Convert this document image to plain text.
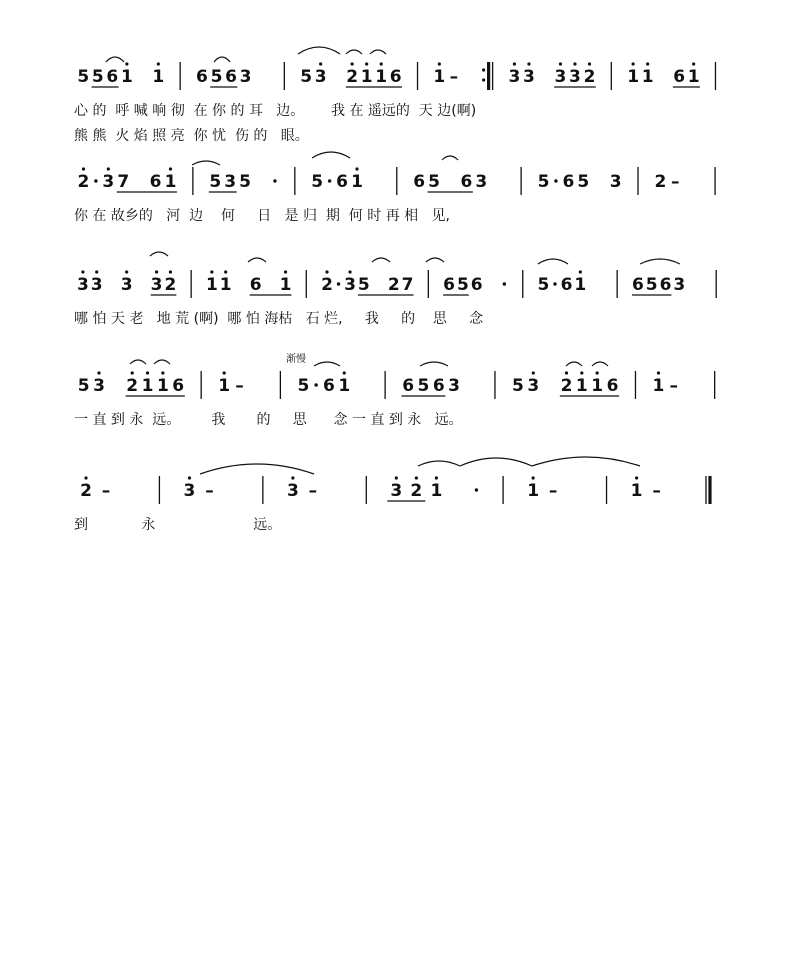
5 5 6 1 1 6 5 6 3	5 3 2 1 1 6 1 –	3 3 3 3 2 1 1 6 1
心 的  呼 喊 响 彻  在 你 的 耳   边。      我 在 遥远的  天 边(啊)
熊 熊  火 焰 照 亮  你 忧  伤 的   眼。
2 3 7 6 1 5 3 5	5 6 1	6 5 6 3	5 6 5 3 2 –
你 在 故乡的   河  边    何     日   是 归  期  何 时 再 相   见,
3 3 3 3 2 1 1 6 1 2 3 5 2 7 6 5 6	5 6 1	6 5 6 3
哪 怕 天 老   地 荒 (啊)  哪 怕 海枯   石 烂,     我     的    思     念
5 3 2 1 1 6 1 –	5 6 1	6 5 6 3	5 3 2 1 1 6 1 –
一 直 到 永  远。       我       的     思      念 一 直 到 永   远。
2 –	3 –	3 –	3 2 1	1 –	1 –
到            永                      远。
渐慢
